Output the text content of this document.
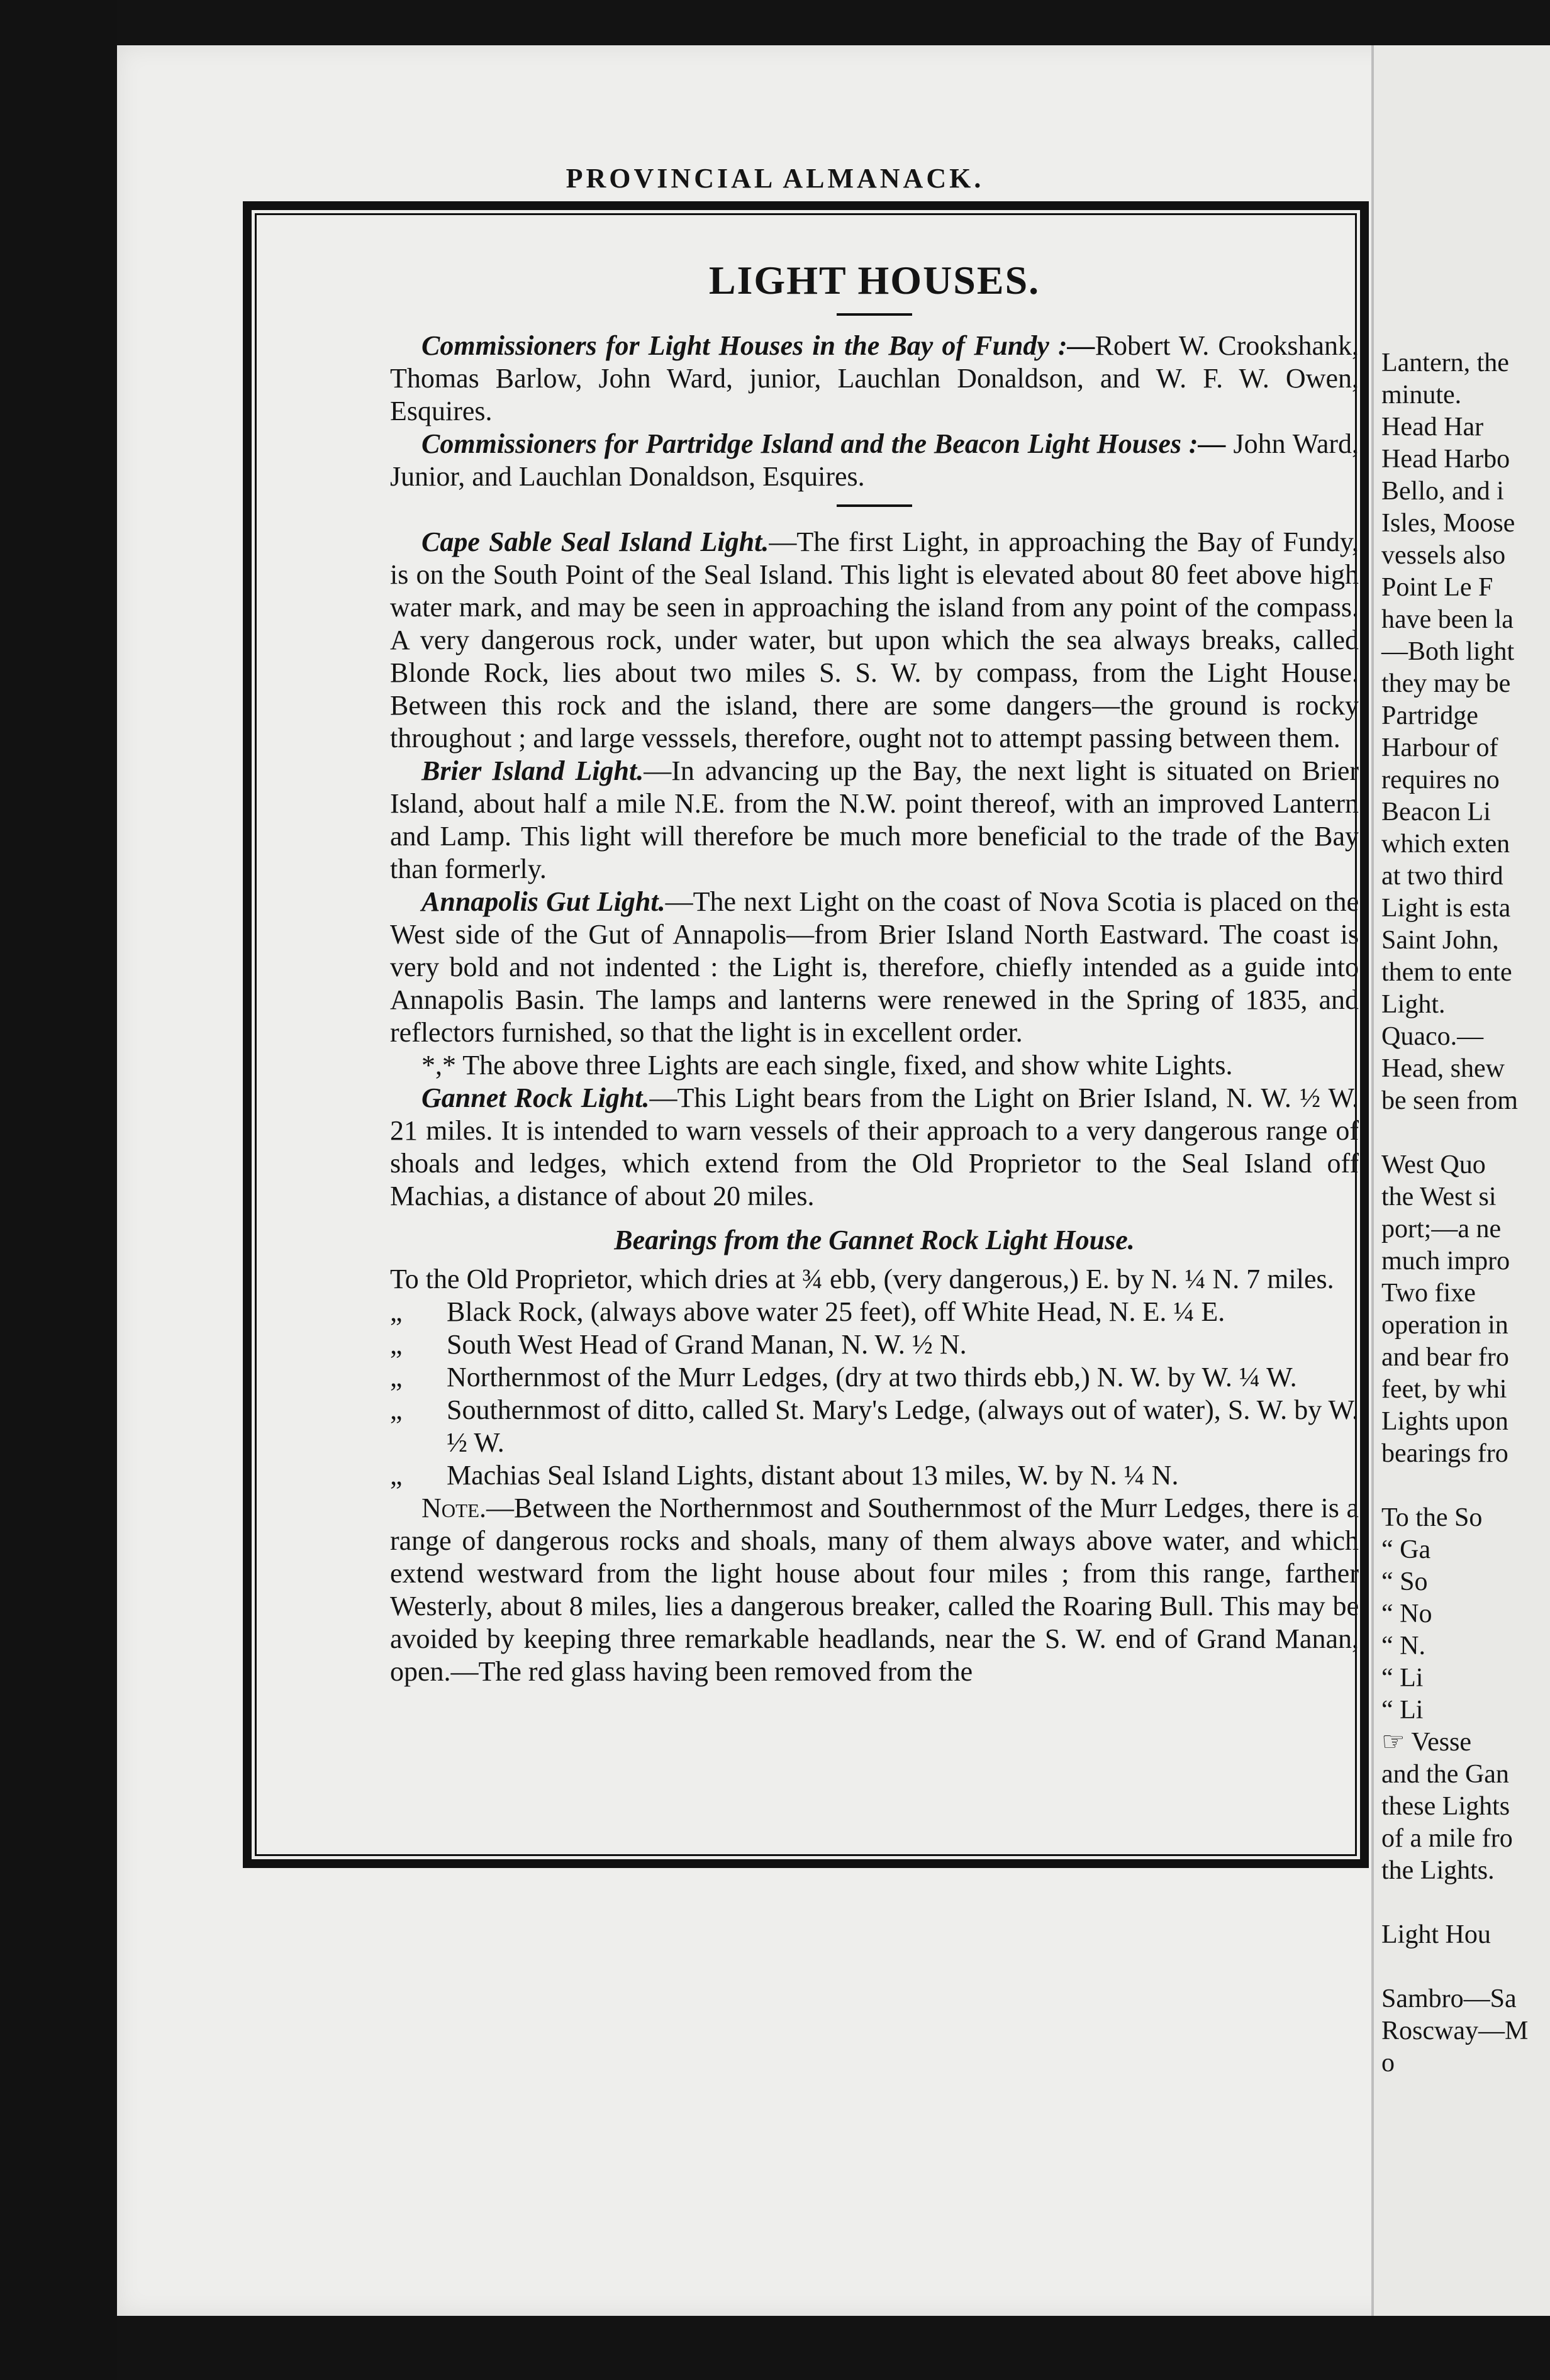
Lantern, the
minute.
Head Har
Head Harbo
Bello, and i
Isles, Moose
vessels also
Point Le F
have been la
—Both light
they may be
Partridge
Harbour of
requires no
Beacon Li
which exten
at two third
Light is esta
Saint John,
them to ente
Light.
Quaco.—
Head, shew
be seen from

West Quo
the West si
port;—a ne
much impro
Two fixe
operation in
and bear fro
feet, by whi
Lights upon
bearings fro

To the So
“ Ga
“ So
“ No
“ N.
“ Li
“ Li
☞ Vesse
and the Gan
these Lights
of a mile fro
the Lights.

Light Hou

Sambro—Sa
Roscway—M
o
PROVINCIAL ALMANACK.
LIGHT HOUSES.

Commissioners for Light Houses in the Bay of Fundy :—Robert W. Crookshank, Thomas Barlow, John Ward, junior, Lauchlan Donaldson, and W. F. W. Owen, Esquires.

Commissioners for Partridge Island and the Beacon Light Houses :— John Ward, Junior, and Lauchlan Donaldson, Esquires.

Cape Sable Seal Island Light.—The first Light, in approaching the Bay of Fundy, is on the South Point of the Seal Island. This light is elevated about 80 feet above high water mark, and may be seen in approaching the island from any point of the compass. A very dangerous rock, under water, but upon which the sea always breaks, called Blonde Rock, lies about two miles S. S. W. by compass, from the Light House. Between this rock and the island, there are some dangers—the ground is rocky throughout ; and large vesssels, therefore, ought not to attempt passing between them.

Brier Island Light.—In advancing up the Bay, the next light is situated on Brier Island, about half a mile N.E. from the N.W. point thereof, with an improved Lantern and Lamp. This light will therefore be much more beneficial to the trade of the Bay than formerly.

Annapolis Gut Light.—The next Light on the coast of Nova Scotia is placed on the West side of the Gut of Annapolis—from Brier Island North Eastward. The coast is very bold and not indented : the Light is, therefore, chiefly intended as a guide into Annapolis Basin. The lamps and lanterns were renewed in the Spring of 1835, and reflectors furnished, so that the light is in excellent order.

*,* The above three Lights are each single, fixed, and show white Lights.

Gannet Rock Light.—This Light bears from the Light on Brier Island, N. W. ½ W. 21 miles. It is intended to warn vessels of their approach to a very dangerous range of shoals and ledges, which extend from the Old Proprietor to the Seal Island off Machias, a distance of about 20 miles.

Bearings from the Gannet Rock Light House.
To the Old Proprietor, which dries at ¾ ebb, (very dangerous,) E. by N. ¼ N. 7 miles.
„	Black Rock, (always above water 25 feet), off White Head, N. E. ¼ E.
„	South West Head of Grand Manan, N. W. ½ N.
„	Northernmost of the Murr Ledges, (dry at two thirds ebb,) N. W. by W. ¼ W.
„	Southernmost of ditto, called St. Mary's Ledge, (always out of water), S. W. by W. ½ W.
„	Machias Seal Island Lights, distant about 13 miles, W. by N. ¼ N.

Note.—Between the Northernmost and Southernmost of the Murr Ledges, there is a range of dangerous rocks and shoals, many of them always above water, and which extend westward from the light house about four miles ; from this range, farther Westerly, about 8 miles, lies a dangerous breaker, called the Roaring Bull. This may be avoided by keeping three remarkable headlands, near the S. W. end of Grand Manan, open.—The red glass having been removed from the
